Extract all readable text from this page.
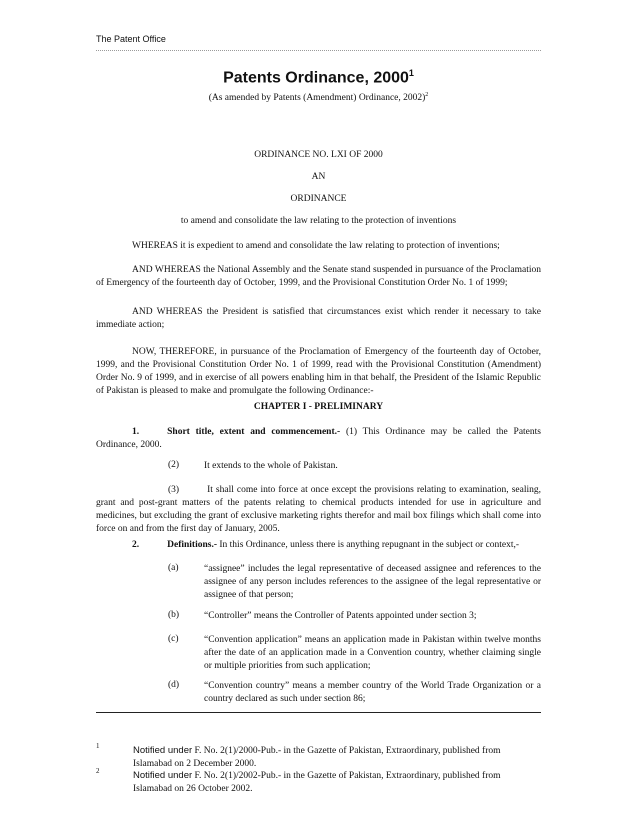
The Patent Office
Patents Ordinance, 2000$^1$
(As amended by Patents (Amendment) Ordinance, 2002)$^2$
ORDINANCE NO. LXI OF 2000
AN
ORDINANCE
to amend and consolidate the law relating to the protection of inventions
WHEREAS it is expedient to amend and consolidate the law relating to protection of inventions;
AND WHEREAS the National Assembly and the Senate stand suspended in pursuance of the Proclamation of Emergency of the fourteenth day of October, 1999, and the Provisional Constitution Order No. 1 of 1999;
AND WHEREAS the President is satisfied that circumstances exist which render it necessary to take immediate action;
NOW, THEREFORE, in pursuance of the Proclamation of Emergency of the fourteenth day of October, 1999, and the Provisional Constitution Order No. 1 of 1999, read with the Provisional Constitution (Amendment) Order No. 9 of 1999, and in exercise of all powers enabling him in that behalf, the President of the Islamic Republic of Pakistan is pleased to make and promulgate the following Ordinance:-
CHAPTER I - PRELIMINARY
1.	Short title, extent and commencement.- (1) This Ordinance may be called the Patents Ordinance, 2000.
(2)	It extends to the whole of Pakistan.
(3)	It shall come into force at once except the provisions relating to examination, sealing, grant and post-grant matters of the patents relating to chemical products intended for use in agriculture and medicines, but excluding the grant of exclusive marketing rights therefor and mail box filings which shall come into force on and from the first day of January, 2005.
2.	Definitions.- In this Ordinance, unless there is anything repugnant in the subject or context,-
(a)	“assignee” includes the legal representative of deceased assignee and references to the assignee of any person includes references to the assignee of the legal representative or assignee of that person;
(b)	“Controller” means the Controller of Patents appointed under section 3;
(c)	“Convention application” means an application made in Pakistan within twelve months after the date of an application made in a Convention country, whether claiming single or multiple priorities from such application;
(d)	“Convention country” means a member country of the World Trade Organization or a country declared as such under section 86;
1	Notified under F. No. 2(1)/2000-Pub.- in the Gazette of Pakistan, Extraordinary, published from Islamabad on 2 December 2000.
2	Notified under F. No. 2(1)/2002-Pub.- in the Gazette of Pakistan, Extraordinary, published from Islamabad on 26 October 2002.
